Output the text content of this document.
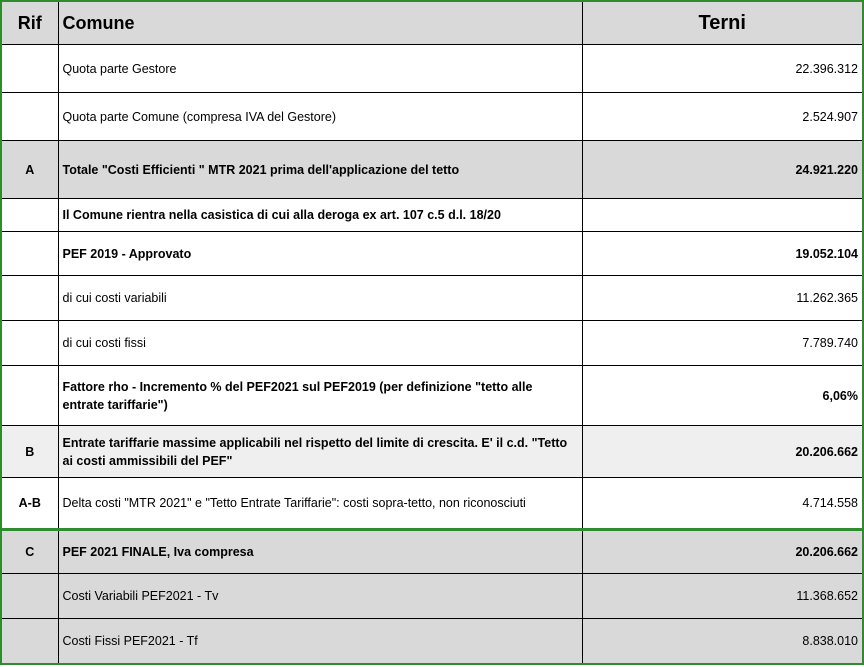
Rif	Comune	Terni
	Quota parte Gestore	22.396.312
	Quota parte Comune (compresa IVA del Gestore)	2.524.907
A	Totale "Costi Efficienti " MTR 2021 prima dell'applicazione del tetto	24.921.220
	Il Comune rientra nella casistica di cui alla deroga ex art. 107 c.5 d.l. 18/20	
	PEF 2019 - Approvato	19.052.104
	di cui costi variabili	11.262.365
	di cui costi fissi	7.789.740
	Fattore rho - Incremento % del PEF2021 sul PEF2019 (per definizione "tetto alle entrate tariffarie")	6,06%
B	Entrate tariffarie massime applicabili nel rispetto del limite di crescita. E' il c.d. "Tetto ai costi ammissibili del PEF"	20.206.662
A-B	Delta costi "MTR 2021" e "Tetto Entrate Tariffarie": costi sopra-tetto, non riconosciuti	4.714.558
C	PEF 2021 FINALE, Iva compresa	20.206.662
	Costi Variabili PEF2021 - Tv	11.368.652
	Costi Fissi PEF2021 - Tf	8.838.010
